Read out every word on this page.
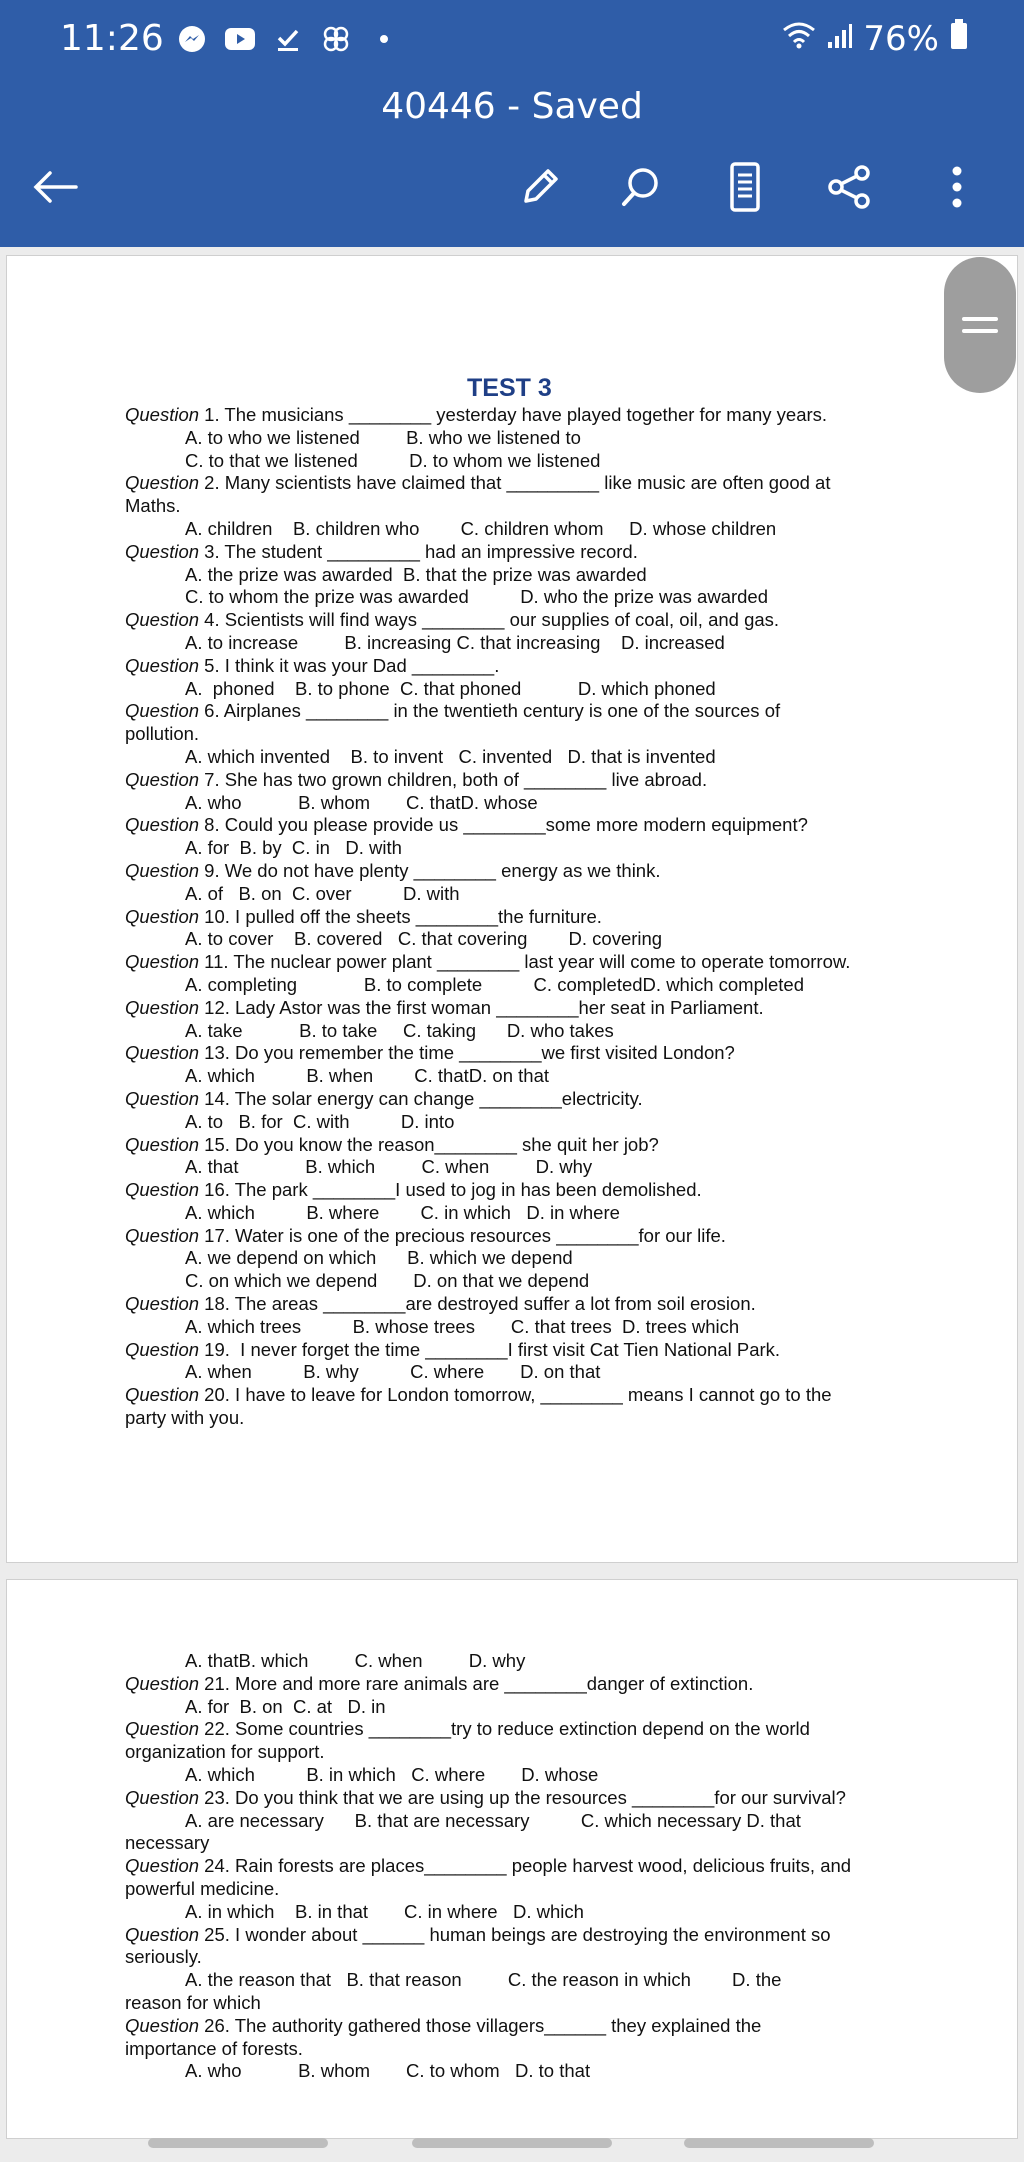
11:26	76%
40446 - Saved
TEST 3
Question 1. The musicians ________ yesterday have played together for many years.
A. to who we listened         B. who we listened to
C. to that we listened          D. to whom we listened
Question 2. Many scientists have claimed that _________ like music are often good at
Maths.
A. children    B. children who        C. children whom     D. whose children
Question 3. The student _________ had an impressive record.
A. the prize was awarded  B. that the prize was awarded
C. to whom the prize was awarded          D. who the prize was awarded
Question 4. Scientists will find ways ________ our supplies of coal, oil, and gas.
A. to increase         B. increasing C. that increasing    D. increased
Question 5. I think it was your Dad ________.
A.  phoned    B. to phone  C. that phoned           D. which phoned
Question 6. Airplanes ________ in the twentieth century is one of the sources of
pollution.
A. which invented    B. to invent   C. invented   D. that is invented
Question 7. She has two grown children, both of ________ live abroad.
A. who           B. whom       C. thatD. whose
Question 8. Could you please provide us ________some more modern equipment?
A. for  B. by  C. in   D. with
Question 9. We do not have plenty ________ energy as we think.
A. of   B. on  C. over          D. with
Question 10. I pulled off the sheets ________the furniture.
A. to cover    B. covered   C. that covering        D. covering
Question 11. The nuclear power plant ________ last year will come to operate tomorrow.
A. completing             B. to complete          C. completedD. which completed
Question 12. Lady Astor was the first woman ________her seat in Parliament.
A. take           B. to take     C. taking      D. who takes
Question 13. Do you remember the time ________we first visited London?
A. which          B. when        C. thatD. on that
Question 14. The solar energy can change ________electricity.
A. to   B. for  C. with          D. into
Question 15. Do you know the reason________ she quit her job?
A. that             B. which         C. when         D. why
Question 16. The park ________I used to jog in has been demolished.
A. which          B. where        C. in which   D. in where
Question 17. Water is one of the precious resources ________for our life.
A. we depend on which      B. which we depend
C. on which we depend       D. on that we depend
Question 18. The areas ________are destroyed suffer a lot from soil erosion.
A. which trees          B. whose trees       C. that trees  D. trees which
Question 19.  I never forget the time ________I first visit Cat Tien National Park.
A. when          B. why          C. where       D. on that
Question 20. I have to leave for London tomorrow, ________ means I cannot go to the
party with you.
A. thatB. which         C. when         D. why
Question 21. More and more rare animals are ________danger of extinction.
A. for  B. on  C. at   D. in
Question 22. Some countries ________try to reduce extinction depend on the world
organization for support.
A. which          B. in which   C. where       D. whose
Question 23. Do you think that we are using up the resources ________for our survival?
A. are necessary      B. that are necessary          C. which necessary D. that
necessary
Question 24. Rain forests are places________ people harvest wood, delicious fruits, and
powerful medicine.
A. in which    B. in that       C. in where   D. which
Question 25. I wonder about ______ human beings are destroying the environment so
seriously.
A. the reason that   B. that reason         C. the reason in which        D. the
reason for which
Question 26. The authority gathered those villagers______ they explained the
importance of forests.
A. who           B. whom       C. to whom   D. to that
